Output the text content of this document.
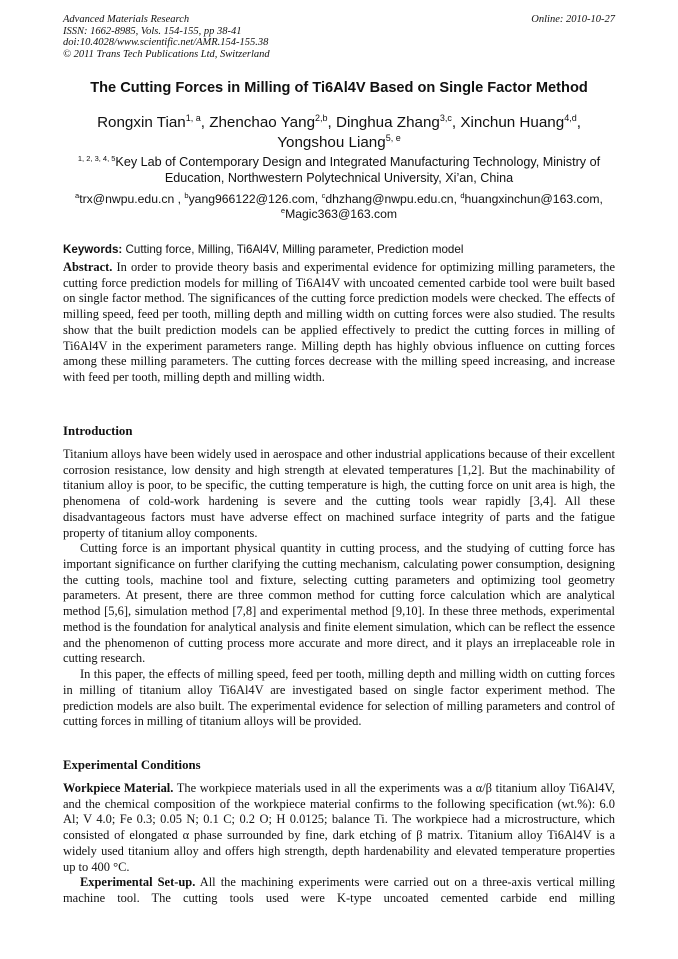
Advanced Materials Research
ISSN: 1662-8985, Vols. 154-155, pp 38-41
doi:10.4028/www.scientific.net/AMR.154-155.38
© 2011 Trans Tech Publications Ltd, Switzerland
Online: 2010-10-27
The Cutting Forces in Milling of Ti6Al4V Based on Single Factor Method
Rongxin Tian$^{1, a}$, Zhenchao Yang$^{2,b}$, Dinghua Zhang$^{3,c}$, Xinchun Huang$^{4,d}$,
Yongshou Liang$^{5, e}$
$^{1, 2, 3, 4, 5}$Key Lab of Contemporary Design and Integrated Manufacturing Technology, Ministry of Education, Northwestern Polytechnical University, Xi’an, China
$^a$trx@nwpu.edu.cn , $^b$yang966122@126.com, $^c$dhzhang@nwpu.edu.cn, $^d$huangxinchun@163.com,
$^e$Magic363@163.com
Keywords: Cutting force, Milling, Ti6Al4V, Milling parameter, Prediction model

Abstract. In order to provide theory basis and experimental evidence for optimizing milling parameters, the cutting force prediction models for milling of Ti6Al4V with uncoated cemented carbide tool were built based on single factor method. The significances of the cutting force prediction models were checked. The effects of milling speed, feed per tooth, milling depth and milling width on cutting forces were also studied. The results show that the built prediction models can be applied effectively to predict the cutting forces in milling of Ti6Al4V in the experiment parameters range. Milling depth has highly obvious influence on cutting forces among these milling parameters. The cutting forces decrease with the milling speed increasing, and increase with feed per tooth, milling depth and milling width.

Introduction

Titanium alloys have been widely used in aerospace and other industrial applications because of their excellent corrosion resistance, low density and high strength at elevated temperatures [1,2]. But the machinability of titanium alloy is poor, to be specific, the cutting temperature is high, the cutting force on unit area is high, the phenomena of cold-work hardening is severe and the cutting tools wear rapidly [3,4]. All these disadvantageous factors must have adverse effect on machined surface integrity of parts and the fatigue property of titanium alloy components.

Cutting force is an important physical quantity in cutting process, and the studying of cutting force has important significance on further clarifying the cutting mechanism, calculating power consumption, designing the cutting tools, machine tool and fixture, selecting cutting parameters and optimizing tool geometry parameters. At present, there are three common method for cutting force calculation which are analytical method [5,6], simulation method [7,8] and experimental method [9,10]. In these three methods, experimental method is the foundation for analytical analysis and finite element simulation, which can be reflect the essence and the phenomenon of cutting process more accurate and more direct, and it plays an irreplaceable role in cutting research.

In this paper, the effects of milling speed, feed per tooth, milling depth and milling width on cutting forces in milling of titanium alloy Ti6Al4V are investigated based on single factor experiment method. The prediction models are also built. The experimental evidence for selection of milling parameters and control of cutting forces in milling of titanium alloys will be provided.

Experimental Conditions

Workpiece Material. The workpiece materials used in all the experiments was a α/β titanium alloy Ti6Al4V, and the chemical composition of the workpiece material confirms to the following specification (wt.%): 6.0 Al; V 4.0; Fe 0.3; 0.05 N; 0.1 C; 0.2 O; H 0.0125; balance Ti. The workpiece had a microstructure, which consisted of elongated α phase surrounded by fine, dark etching of β matrix. Titanium alloy Ti6Al4V is a widely used titanium alloy and offers high strength, depth hardenability and elevated temperature properties up to 400 °C.

Experimental Set-up. All the machining experiments were carried out on a three-axis vertical milling machine tool. The cutting tools used were K-type uncoated cemented carbide end milling
